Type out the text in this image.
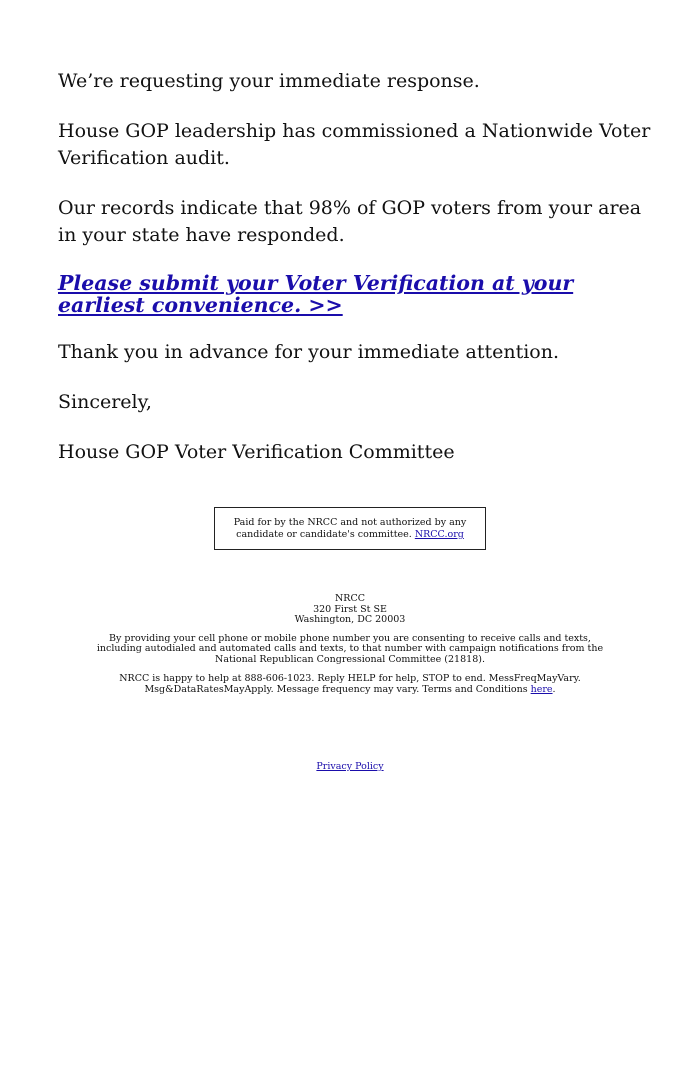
We’re requesting your immediate response.

House GOP leadership has commissioned a Nationwide Voter Verification audit.

Our records indicate that 98% of GOP voters from your area in your state have responded.

Please submit your Voter Verification at your earliest convenience. >>

Thank you in advance for your immediate attention.

Sincerely,

House GOP Voter Verification Committee

Paid for by the NRCC and not authorized by any candidate or candidate's committee. NRCC.org
NRCC
320 First St SE
Washington, DC 20003
By providing your cell phone or mobile phone number you are consenting to receive calls and texts, including autodialed and automated calls and texts, to that number with campaign notifications from the National Republican Congressional Committee (21818).
NRCC is happy to help at 888-606-1023. Reply HELP for help, STOP to end. MessFreqMayVary. Msg&DataRatesMayApply. Message frequency may vary. Terms and Conditions here.
Privacy Policy
